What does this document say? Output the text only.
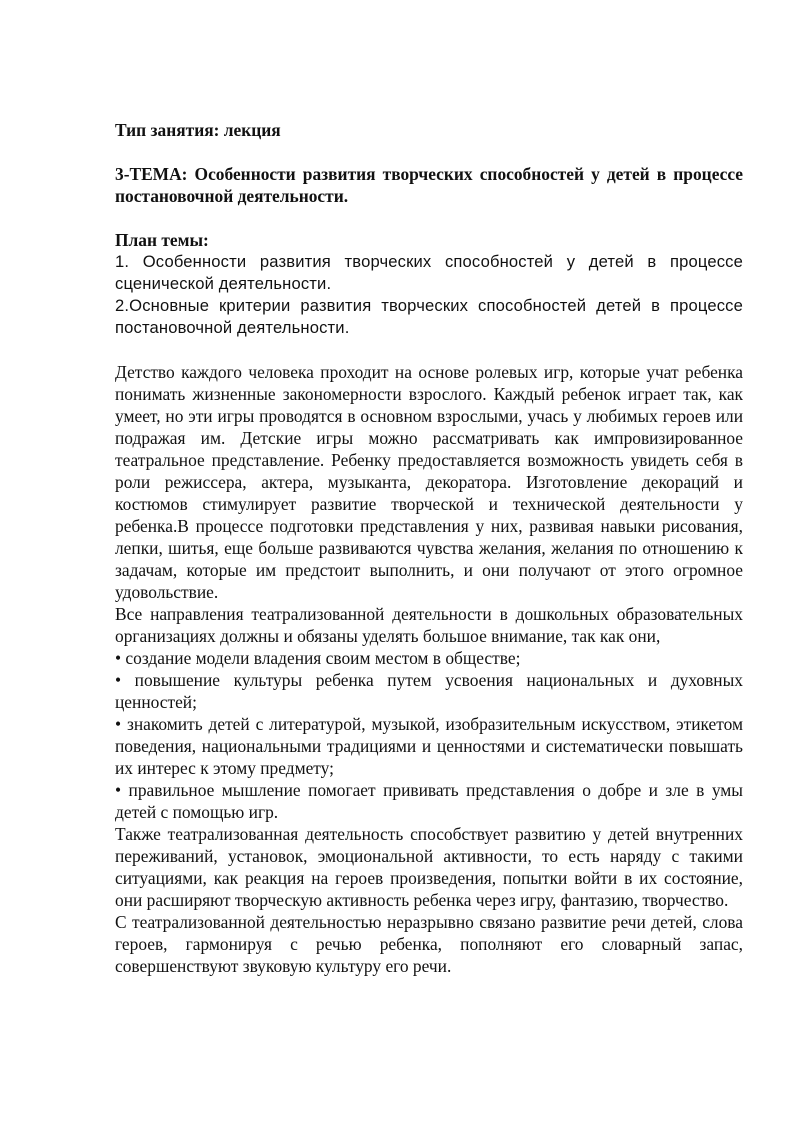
Тип занятия: лекция

3-ТЕМА: Особенности развития творческих способностей у детей в процессе постановочной деятельности.

План темы:

1. Особенности развития творческих способностей у детей в процессе сценической деятельности.

2.Основные критерии развития творческих способностей детей в процессе постановочной деятельности.

Детство каждого человека проходит на основе ролевых игр, которые учат ребенка понимать жизненные закономерности взрослого. Каждый ребенок играет так, как умеет, но эти игры проводятся в основном взрослыми, учась у любимых героев или подражая им. Детские игры можно рассматривать как импровизированное театральное представление. Ребенку предоставляется возможность увидеть себя в роли режиссера, актера, музыканта, декоратора. Изготовление декораций и костюмов стимулирует развитие творческой и технической деятельности у ребенка.В процессе подготовки представления у них, развивая навыки рисования, лепки, шитья, еще больше развиваются чувства желания, желания по отношению к задачам, которые им предстоит выполнить, и они получают от этого огромное удовольствие.

Все направления театрализованной деятельности в дошкольных образовательных организациях должны и обязаны уделять большое внимание, так как они,

• создание модели владения своим местом в обществе;

• повышение культуры ребенка путем усвоения национальных и духовных ценностей;

• знакомить детей с литературой, музыкой, изобразительным искусством, этикетом поведения, национальными традициями и ценностями и систематически повышать их интерес к этому предмету;

• правильное мышление помогает прививать представления о добре и зле в умы детей с помощью игр.

Также театрализованная деятельность способствует развитию у детей внутренних переживаний, установок, эмоциональной активности, то есть наряду с такими ситуациями, как реакция на героев произведения, попытки войти в их состояние, они расширяют творческую активность ребенка через игру, фантазию, творчество.

С театрализованной деятельностью неразрывно связано развитие речи детей, слова героев, гармонируя с речью ребенка, пополняют его словарный запас, совершенствуют звуковую культуру его речи.
